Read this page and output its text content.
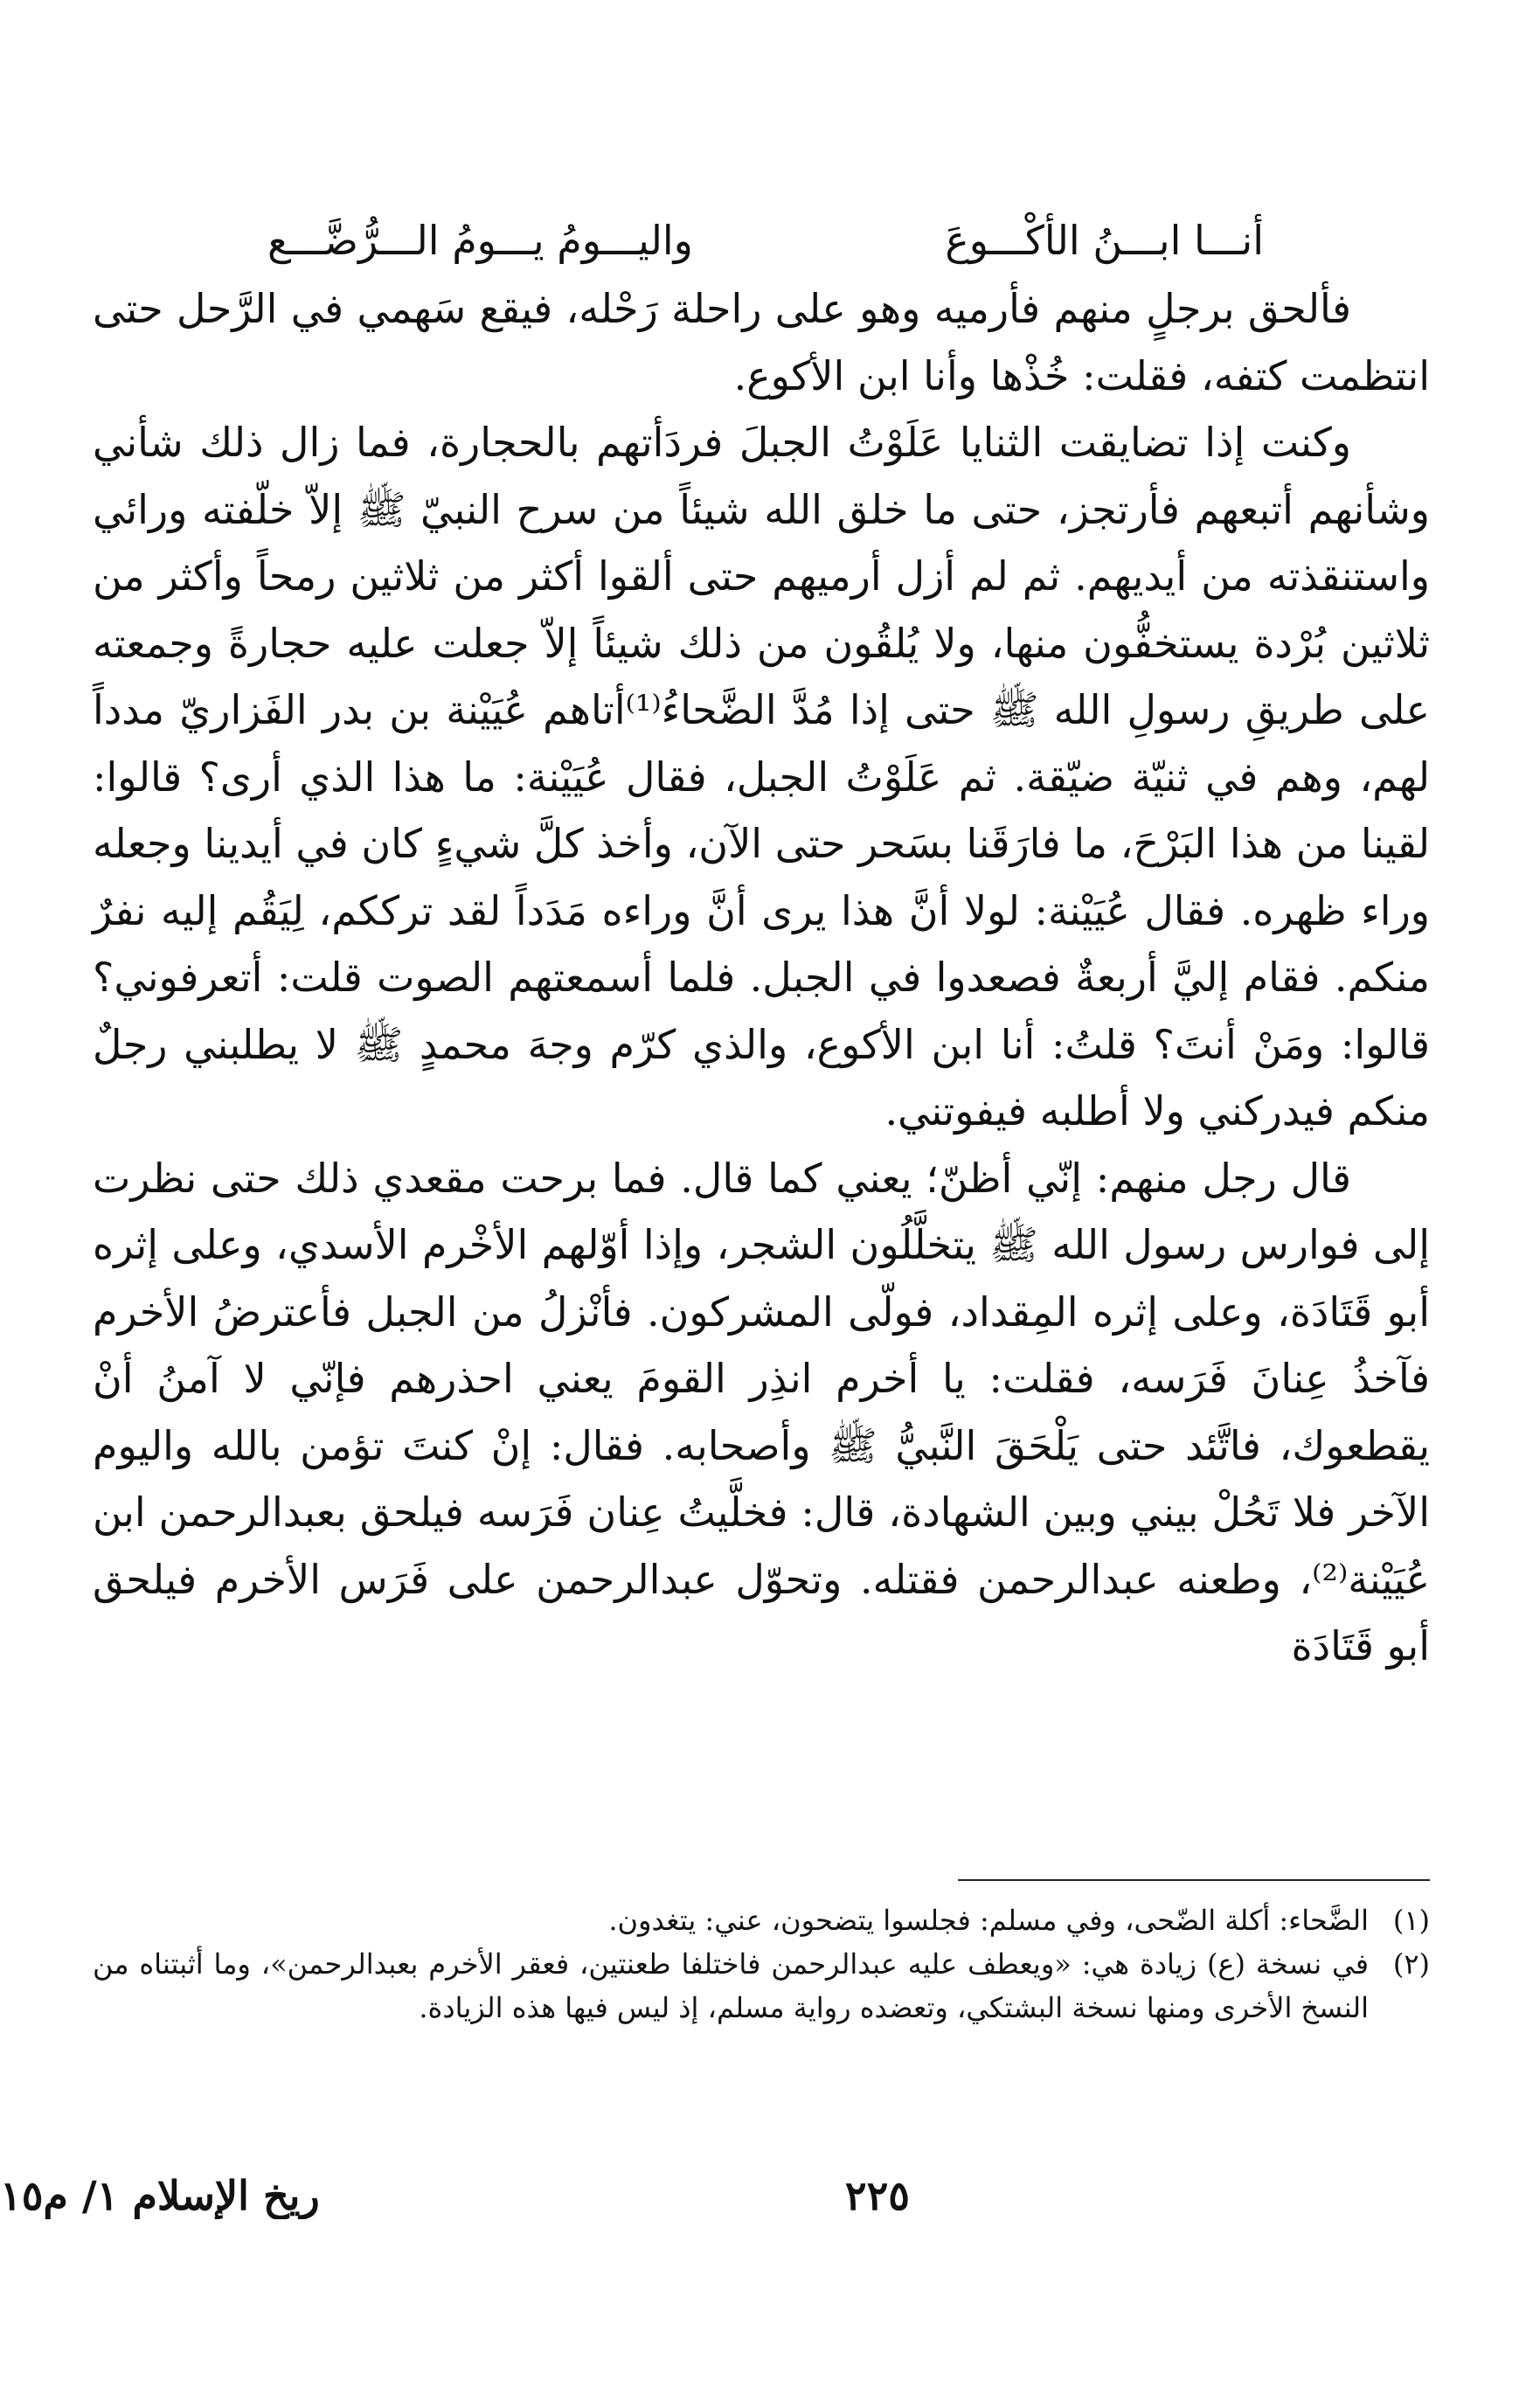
أنـــا ابـــنُ الأكْـــوعَ
واليـــومُ يـــومُ الـــرُّضَّـــع

فألحق برجلٍ منهم فأرميه وهو على راحلة رَحْله، فيقع سَهمي في الرَّحل حتى انتظمت كتفه، فقلت: خُذْها وأنا ابن الأكوع.

وكنت إذا تضايقت الثنايا عَلَوْتُ الجبلَ فردَأتهم بالحجارة، فما زال ذلك شأني وشأنهم أتبعهم فأرتجز، حتى ما خلق الله شيئاً من سرح النبيّ ﷺ إلاّ خلّفته ورائي واستنقذته من أيديهم. ثم لم أزل أرميهم حتى ألقوا أكثر من ثلاثين رمحاً وأكثر من ثلاثين بُرْدة يستخفُّون منها، ولا يُلقُون من ذلك شيئاً إلاّ جعلت عليه حجارةً وجمعته على طريقِ رسولِ الله ﷺ حتى إذا مُدَّ الضَّحاءُ⁽¹⁾أتاهم عُيَيْنة بن بدر الفَزاريّ مدداً لهم، وهم في ثنيّة ضيّقة. ثم عَلَوْتُ الجبل، فقال عُيَيْنة: ما هذا الذي أرى؟ قالوا: لقينا من هذا البَرْحَ، ما فارَقَنا بسَحر حتى الآن، وأخذ كلَّ شيءٍ كان في أيدينا وجعله وراء ظهره. فقال عُيَيْنة: لولا أنَّ هذا يرى أنَّ وراءه مَدَداً لقد ترككم، لِيَقُم إليه نفرٌ منكم. فقام إليَّ أربعةٌ فصعدوا في الجبل. فلما أسمعتهم الصوت قلت: أتعرفوني؟ قالوا: ومَنْ أنتَ؟ قلتُ: أنا ابن الأكوع، والذي كرّم وجهَ محمدٍ ﷺ لا يطلبني رجلٌ منكم فيدركني ولا أطلبه فيفوتني.

قال رجل منهم: إنّي أظنّ؛ يعني كما قال. فما برحت مقعدي ذلك حتى نظرت إلى فوارس رسول الله ﷺ يتخلَّلُون الشجر، وإذا أوّلهم الأخْرم الأسدي، وعلى إثره أبو قَتَادَة، وعلى إثره المِقداد، فولّى المشركون. فأنْزلُ من الجبل فأعترضُ الأخرم فآخذُ عِنانَ فَرَسه، فقلت: يا أخرم انذِر القومَ يعني احذرهم فإنّي لا آمنُ أنْ يقطعوك، فاتَّئد حتى يَلْحَقَ النَّبيُّ ﷺ وأصحابه. فقال: إنْ كنتَ تؤمن بالله واليوم الآخر فلا تَحُلْ بيني وبين الشهادة، قال: فخلَّيتُ عِنان فَرَسه فيلحق بعبدالرحمن ابن عُيَيْنة⁽²⁾، وطعنه عبدالرحمن فقتله. وتحوّل عبدالرحمن على فَرَس الأخرم فيلحق أبو قَتَادَة

(١)
الضَّحاء: أكلة الضّحى، وفي مسلم: فجلسوا يتضحون، عني: يتغدون.
(٢)
في نسخة (ع) زيادة هي: «ويعطف عليه عبدالرحمن فاختلفا طعنتين، فعقر الأخرم بعبدالرحمن»، وما أثبتناه من النسخ الأخرى ومنها نسخة البشتكي، وتعضده رواية مسلم، إذ ليس فيها هذه الزيادة.
٢٢٥
ريخ الإسلام ١/ م١٥
